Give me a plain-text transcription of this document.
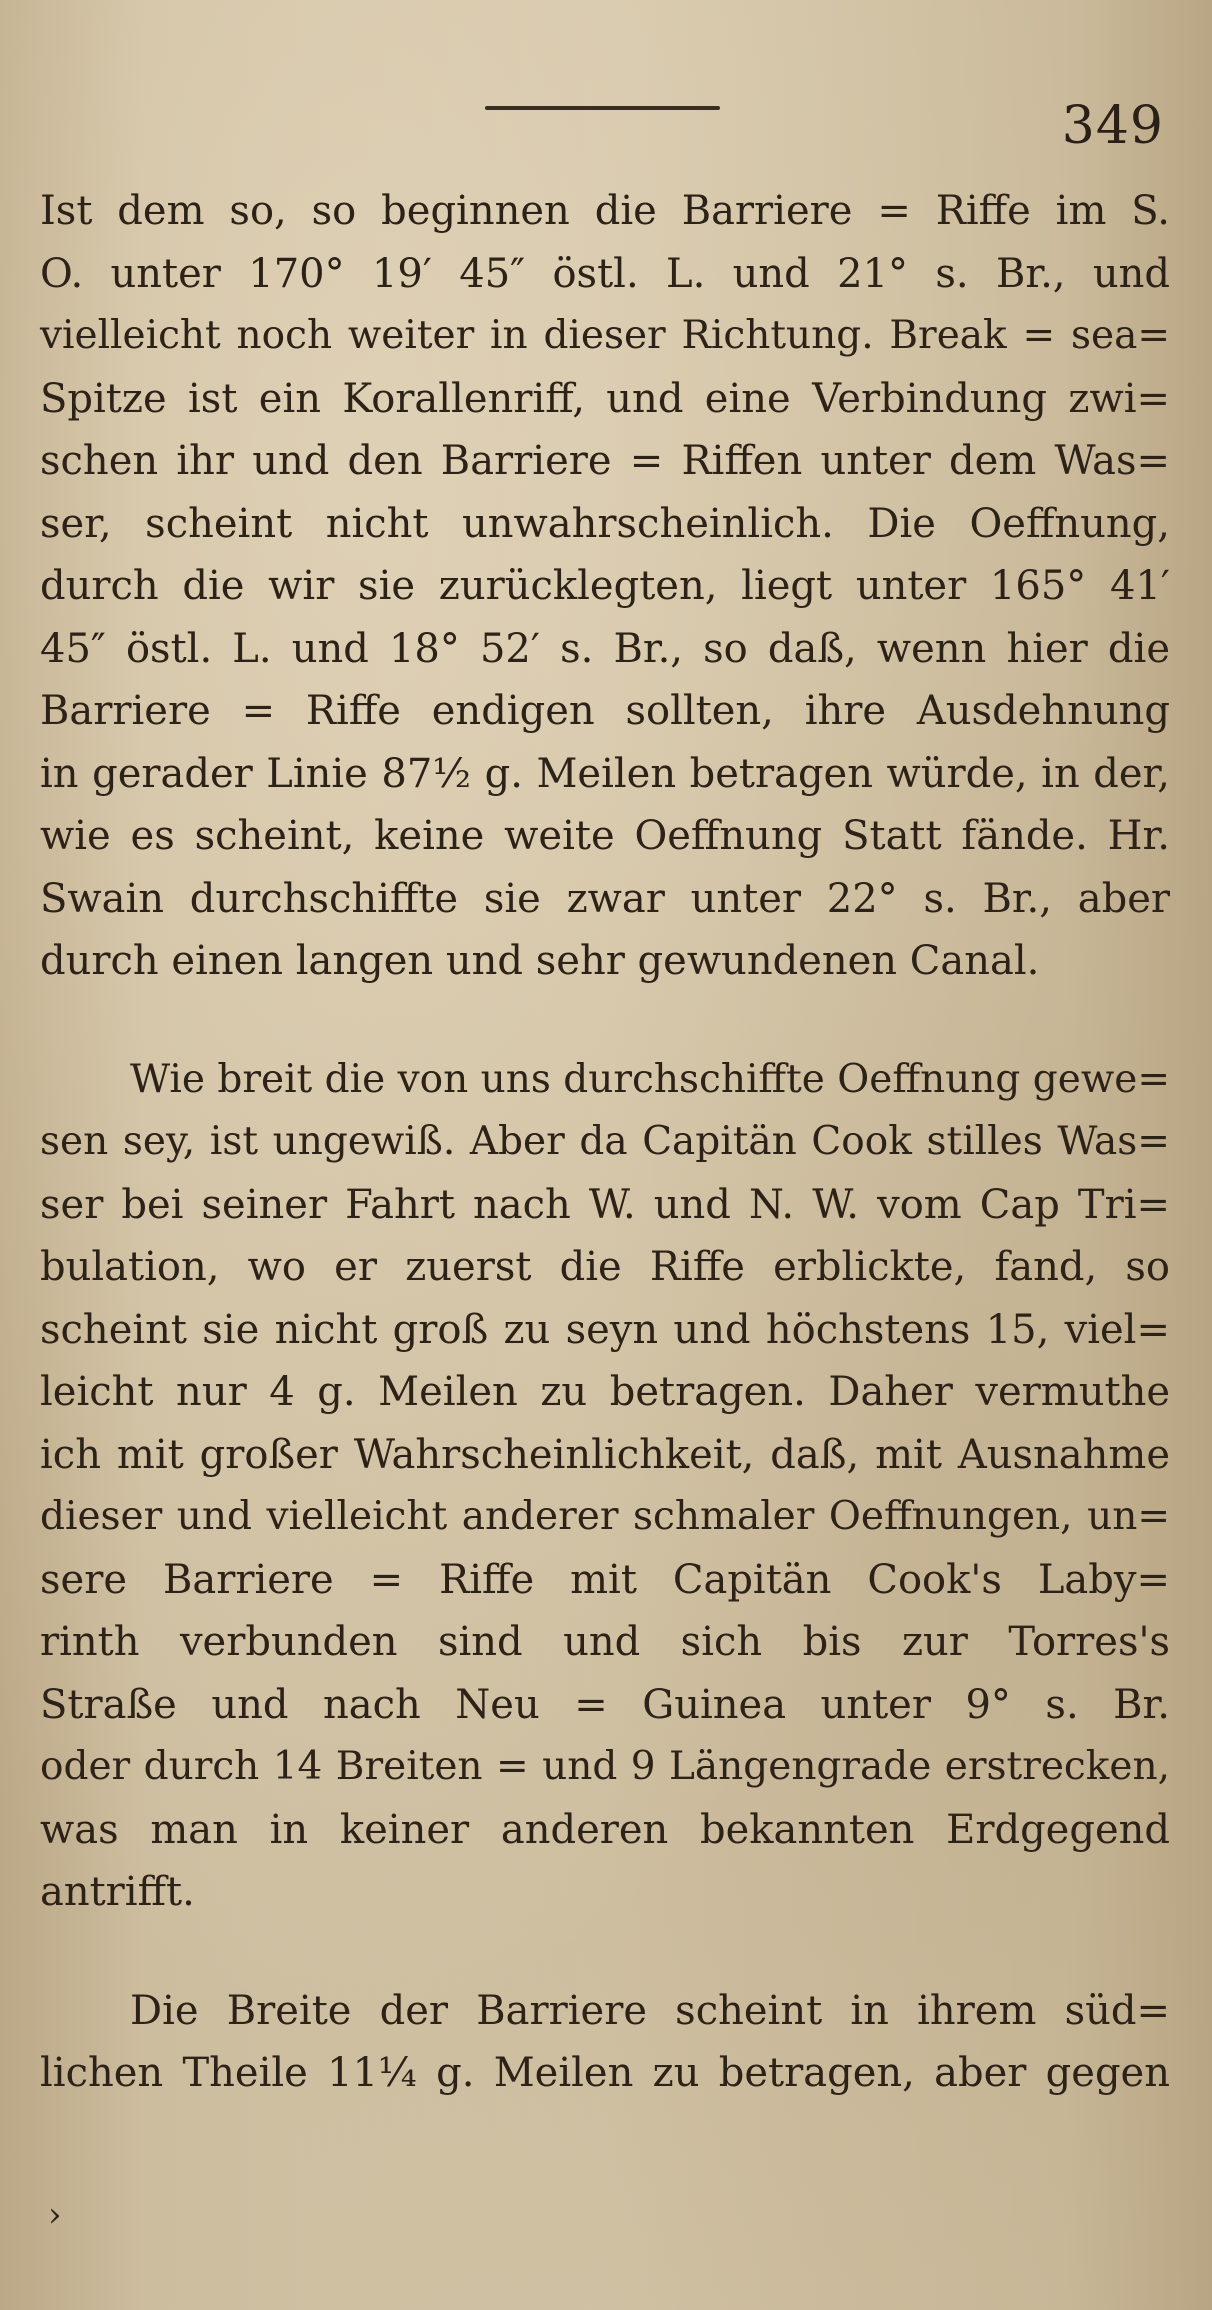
349
Ist dem so, so beginnen die Barriere = Riffe im S.
O. unter 170° 19′ 45″ östl. L. und 21° s. Br., und
vielleicht noch weiter in dieser Richtung. Break = sea=
Spitze ist ein Korallenriff, und eine Verbindung zwi=
schen ihr und den Barriere = Riffen unter dem Was=
ser, scheint nicht unwahrscheinlich. Die Oeffnung,
durch die wir sie zurücklegten, liegt unter 165° 41′
45″ östl. L. und 18° 52′ s. Br., so daß, wenn hier die
Barriere = Riffe endigen sollten, ihre Ausdehnung
in gerader Linie 87½ g. Meilen betragen würde, in der,
wie es scheint, keine weite Oeffnung Statt fände. Hr.
Swain durchschiffte sie zwar unter 22° s. Br., aber
durch einen langen und sehr gewundenen Canal.
Wie breit die von uns durchschiffte Oeffnung gewe=
sen sey, ist ungewiß. Aber da Capitän Cook stilles Was=
ser bei seiner Fahrt nach W. und N. W. vom Cap Tri=
bulation, wo er zuerst die Riffe erblickte, fand, so
scheint sie nicht groß zu seyn und höchstens 15, viel=
leicht nur 4 g. Meilen zu betragen. Daher vermuthe
ich mit großer Wahrscheinlichkeit, daß, mit Ausnahme
dieser und vielleicht anderer schmaler Oeffnungen, un=
sere Barriere = Riffe mit Capitän Cook's Laby=
rinth verbunden sind und sich bis zur Torres's
Straße und nach Neu = Guinea unter 9° s. Br.
oder durch 14 Breiten = und 9 Längengrade erstrecken,
was man in keiner anderen bekannten Erdgegend
antrifft.
Die Breite der Barriere scheint in ihrem süd=
lichen Theile 11¼ g. Meilen zu betragen, aber gegen
›
